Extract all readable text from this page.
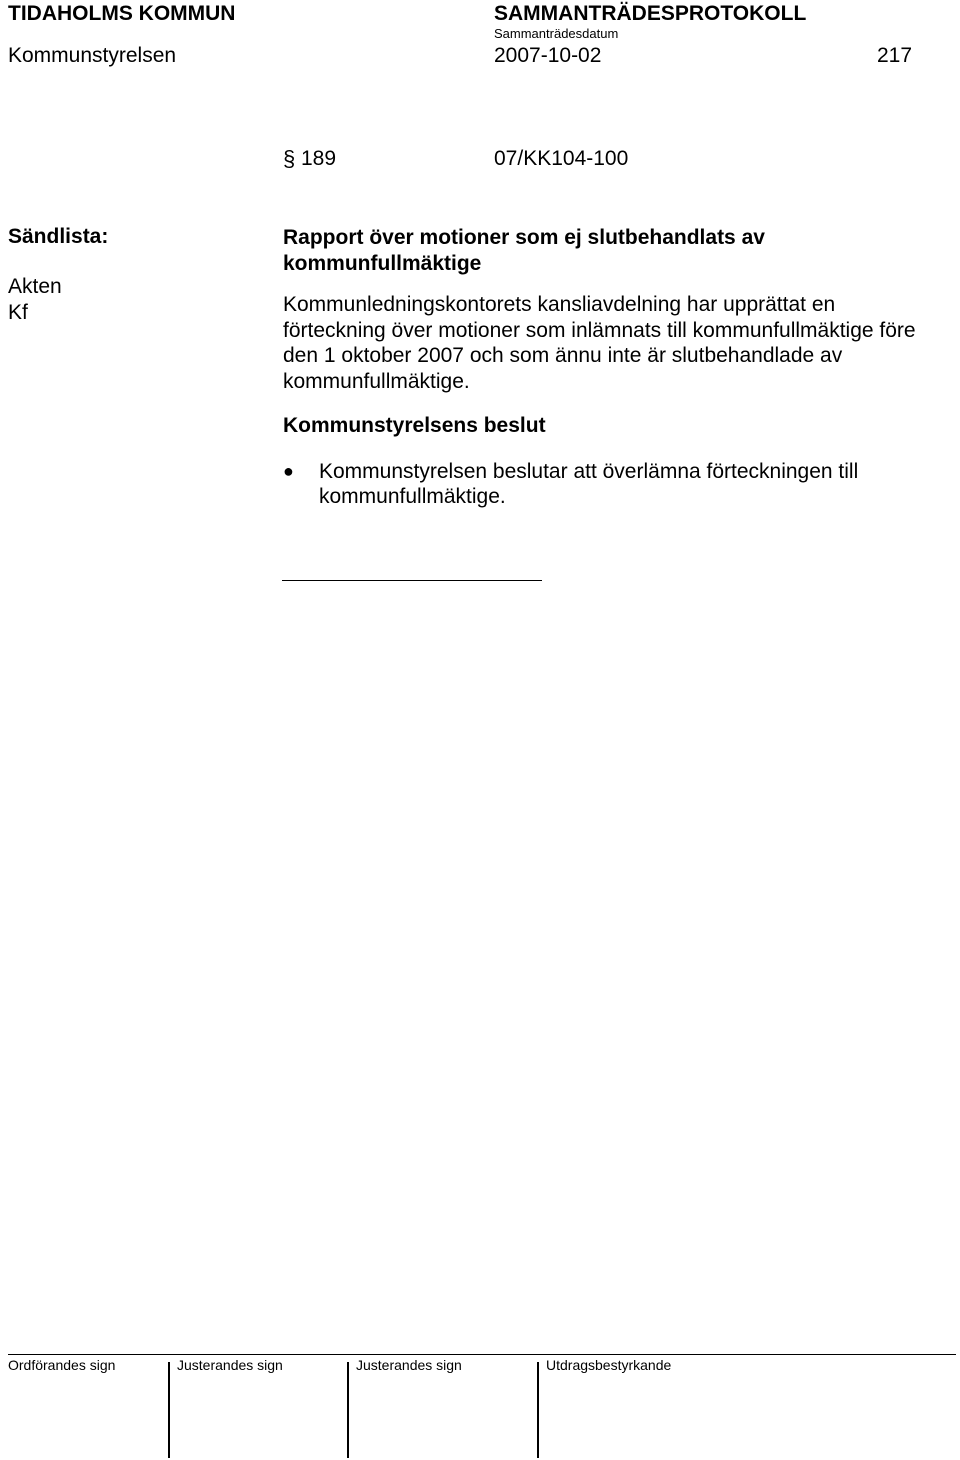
TIDAHOLMS KOMMUN	SAMMANTRÄDESPROTOKOLL
Sammanträdesdatum
Kommunstyrelsen	2007-10-02	217
§ 189	07/KK104-100
Sändlista:
Akten
Kf

Rapport över motioner som ej slutbehandlats av kommunfullmäktige

Kommunledningskontorets kansliavdelning har upprättat en förteckning över motioner som inlämnats till kommunfullmäktige före den 1 oktober 2007 och som ännu inte är slutbehandlade av kommunfullmäktige.

Kommunstyrelsens beslut

● Kommunstyrelsen beslutar att överlämna förteckningen till kommunfullmäktige.
Ordförandes sign	Justerandes sign	Justerandes sign	Utdragsbestyrkande
